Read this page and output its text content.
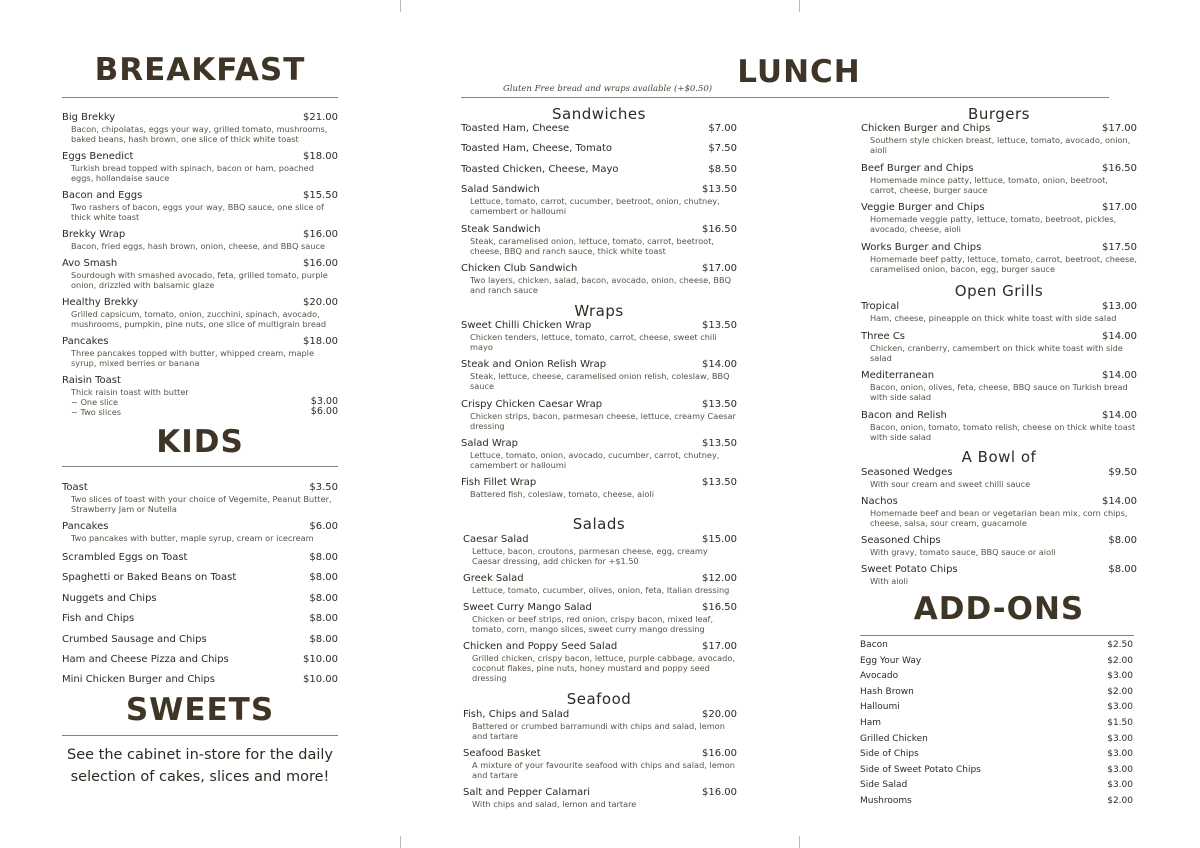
BREAKFAST
Big Brekky	$21.00
Bacon, chipolatas, eggs your way, grilled tomato, mushrooms, baked beans, hash brown, one slice of thick white toast
Eggs Benedict	$18.00
Turkish bread topped with spinach, bacon or ham, poached eggs, hollandaise sauce
Bacon and Eggs	$15.50
Two rashers of bacon, eggs your way, BBQ sauce, one slice of thick white toast
Brekky Wrap	$16.00
Bacon, fried eggs, hash brown, onion, cheese, and BBQ sauce
Avo Smash	$16.00
Sourdough with smashed avocado, feta, grilled tomato, purple onion, drizzled with balsamic glaze
Healthy Brekky	$20.00
Grilled capsicum, tomato, onion, zucchini, spinach, avocado, mushrooms, pumpkin, pine nuts, one slice of multigrain bread
Pancakes	$18.00
Three pancakes topped with butter, whipped cream, maple syrup, mixed berries or banana
Raisin Toast
Thick raisin toast with butter
~ One slice	$3.00
~ Two slices	$6.00
KIDS
Toast	$3.50
Two slices of toast with your choice of Vegemite, Peanut Butter, Strawberry Jam or Nutella
Pancakes	$6.00
Two pancakes with butter, maple syrup, cream or icecream
Scrambled Eggs on Toast	$8.00
Spaghetti or Baked Beans on Toast	$8.00
Nuggets and Chips	$8.00
Fish and Chips	$8.00
Crumbed Sausage and Chips	$8.00
Ham and Cheese Pizza and Chips	$10.00
Mini Chicken Burger and Chips	$10.00
SWEETS
See the cabinet in-store for the daily selection of cakes, slices and more!
LUNCH
Gluten Free bread and wraps available (+$0.50)
Sandwiches
Toasted Ham, Cheese	$7.00
Toasted Ham, Cheese, Tomato	$7.50
Toasted Chicken, Cheese, Mayo	$8.50
Salad Sandwich	$13.50
Lettuce, tomato, carrot, cucumber, beetroot, onion, chutney, camembert or halloumi
Steak Sandwich	$16.50
Steak, caramelised onion, lettuce, tomato, carrot, beetroot, cheese, BBQ and ranch sauce, thick white toast
Chicken Club Sandwich	$17.00
Two layers, chicken, salad, bacon, avocado, onion, cheese, BBQ and ranch sauce
Wraps
Sweet Chilli Chicken Wrap	$13.50
Chicken tenders, lettuce, tomato, carrot, cheese, sweet chili mayo
Steak and Onion Relish Wrap	$14.00
Steak, lettuce, cheese, caramelised onion relish, coleslaw, BBQ sauce
Crispy Chicken Caesar Wrap	$13.50
Chicken strips, bacon, parmesan cheese, lettuce, creamy Caesar dressing
Salad Wrap	$13.50
Lettuce, tomato, onion, avocado, cucumber, carrot, chutney, camembert or halloumi
Fish Fillet Wrap	$13.50
Battered fish, coleslaw, tomato, cheese, aioli
Salads
Caesar Salad	$15.00
Lettuce, bacon, croutons, parmesan cheese, egg, creamy Caesar dressing, add chicken for +$1.50
Greek Salad	$12.00
Lettuce, tomato, cucumber, olives, onion, feta, Italian dressing
Sweet Curry Mango Salad	$16.50
Chicken or beef strips, red onion, crispy bacon, mixed leaf, tomato, corn, mango slices, sweet curry mango dressing
Chicken and Poppy Seed Salad	$17.00
Grilled chicken, crispy bacon, lettuce, purple cabbage, avocado, coconut flakes, pine nuts, honey mustard and poppy seed dressing
Seafood
Fish, Chips and Salad	$20.00
Battered or crumbed barramundi with chips and salad, lemon and tartare
Seafood Basket	$16.00
A mixture of your favourite seafood with chips and salad, lemon and tartare
Salt and Pepper Calamari	$16.00
With chips and salad, lemon and tartare
Burgers
Chicken Burger and Chips	$17.00
Southern style chicken breast, lettuce, tomato, avocado, onion, aioli
Beef Burger and Chips	$16.50
Homemade mince patty, lettuce, tomato, onion, beetroot, carrot, cheese, burger sauce
Veggie Burger and Chips	$17.00
Homemade veggie patty, lettuce, tomato, beetroot, pickles, avocado, cheese, aioli
Works Burger and Chips	$17.50
Homemade beef patty, lettuce, tomato, carrot, beetroot, cheese, caramelised onion, bacon, egg, burger sauce
Open Grills
Tropical	$13.00
Ham, cheese, pineapple on thick white toast with side salad
Three Cs	$14.00
Chicken, cranberry, camembert on thick white toast with side salad
Mediterranean	$14.00
Bacon, onion, olives, feta, cheese, BBQ sauce on Turkish bread with side salad
Bacon and Relish	$14.00
Bacon, onion, tomato, tomato relish, cheese on thick white toast with side salad
A Bowl of
Seasoned Wedges	$9.50
With sour cream and sweet chilli sauce
Nachos	$14.00
Homemade beef and bean or vegetarian bean mix, corn chips, cheese, salsa, sour cream, guacamole
Seasoned Chips	$8.00
With gravy, tomato sauce, BBQ sauce or aioli
Sweet Potato Chips	$8.00
With aioli
ADD-ONS
Bacon	$2.50
Egg Your Way	$2.00
Avocado	$3.00
Hash Brown	$2.00
Halloumi	$3.00
Ham	$1.50
Grilled Chicken	$3.00
Side of Chips	$3.00
Side of Sweet Potato Chips	$3.00
Side Salad	$3.00
Mushrooms	$2.00
